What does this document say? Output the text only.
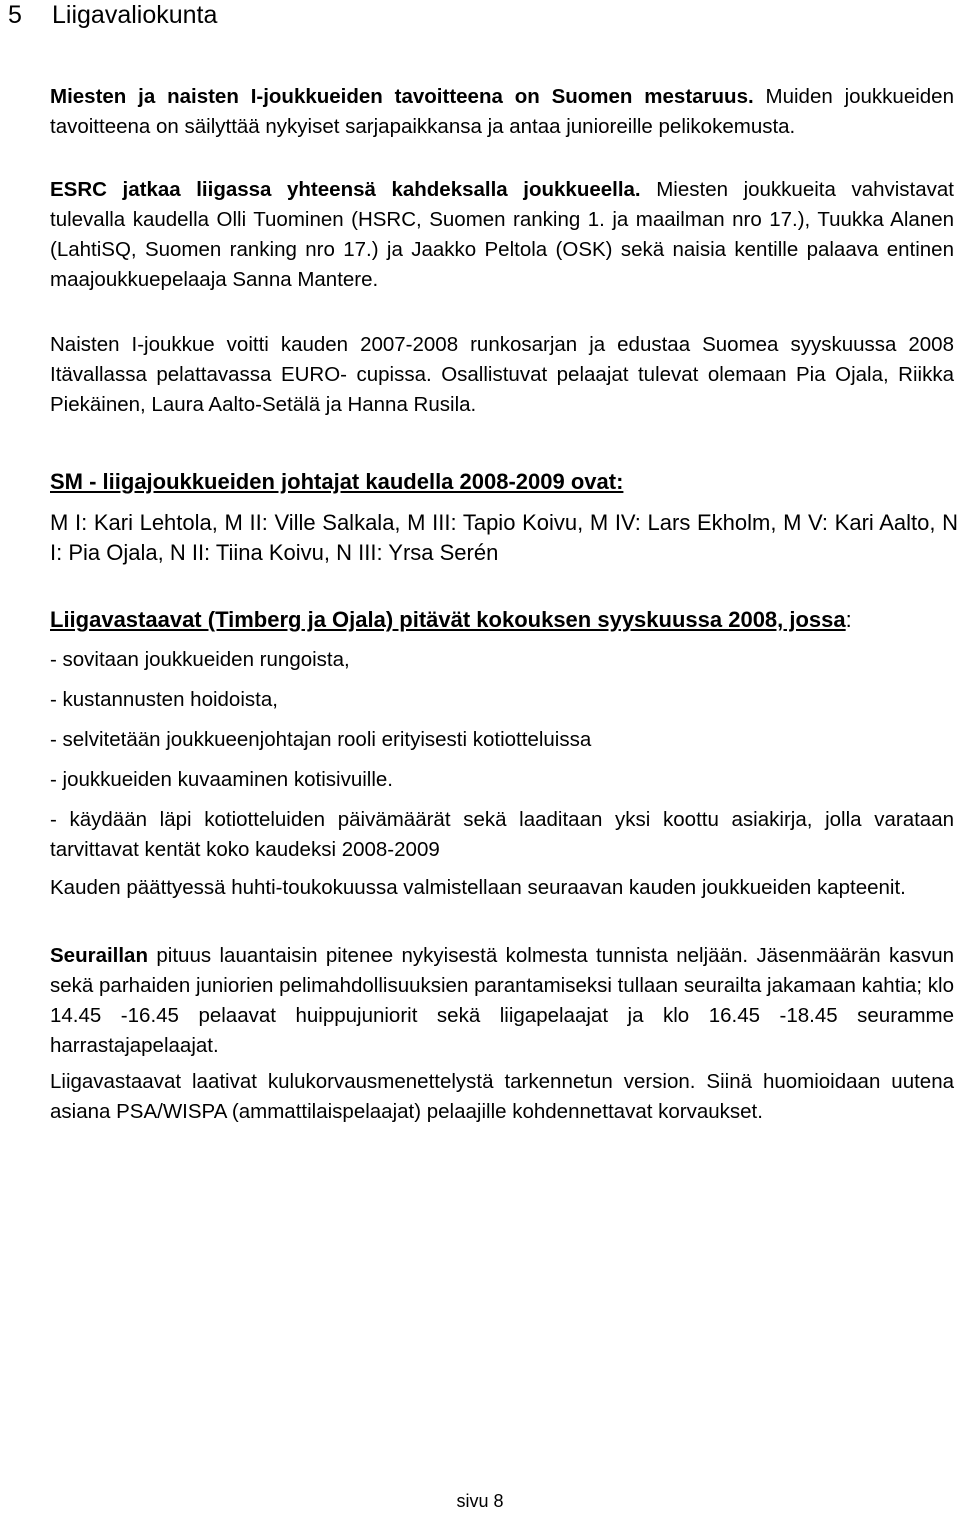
5 Liigavaliokunta

Miesten ja naisten I-joukkueiden tavoitteena on Suomen mestaruus. Muiden joukkueiden tavoitteena on säilyttää nykyiset sarjapaikkansa ja antaa junioreille pelikokemusta.

ESRC jatkaa liigassa yhteensä kahdeksalla joukkueella. Miesten joukkueita vahvistavat tulevalla kaudella Olli Tuominen (HSRC, Suomen ranking 1. ja maailman nro 17.), Tuukka Alanen (LahtiSQ, Suomen ranking nro 17.) ja Jaakko Peltola (OSK) sekä naisia kentille palaava entinen maajoukkuepelaaja Sanna Mantere.

Naisten I-joukkue voitti kauden 2007-2008 runkosarjan ja edustaa Suomea syyskuussa 2008 Itävallassa pelattavassa EURO- cupissa. Osallistuvat pelaajat tulevat olemaan Pia Ojala, Riikka Piekäinen, Laura Aalto-Setälä ja Hanna Rusila.

SM - liigajoukkueiden johtajat kaudella 2008-2009 ovat:

M I: Kari Lehtola, M II: Ville Salkala, M III: Tapio Koivu, M IV: Lars Ekholm, M V: Kari Aalto, N I: Pia Ojala, N II: Tiina Koivu, N III: Yrsa Serén

Liigavastaavat (Timberg ja Ojala) pitävät kokouksen syyskuussa 2008, jossa:
- sovitaan joukkueiden rungoista,
- kustannusten hoidoista,
- selvitetään joukkueenjohtajan rooli erityisesti kotiotteluissa
- joukkueiden kuvaaminen kotisivuille.

- käydään läpi kotiotteluiden päivämäärät sekä laaditaan yksi koottu asiakirja, jolla varataan tarvittavat kentät koko kaudeksi 2008-2009

Kauden päättyessä huhti-toukokuussa valmistellaan seuraavan kauden joukkueiden kapteenit.

Seuraillan pituus lauantaisin pitenee nykyisestä kolmesta tunnista neljään. Jäsenmäärän kasvun sekä parhaiden juniorien pelimahdollisuuksien parantamiseksi tullaan seurailta jakamaan kahtia; klo 14.45 -16.45 pelaavat huippujuniorit sekä liigapelaajat ja klo 16.45 -18.45 seuramme harrastajapelaajat.

Liigavastaavat laativat kulukorvausmenettelystä tarkennetun version. Siinä huomioidaan uutena asiana PSA/WISPA (ammattilaispelaajat) pelaajille kohdennettavat korvaukset.

sivu 8
